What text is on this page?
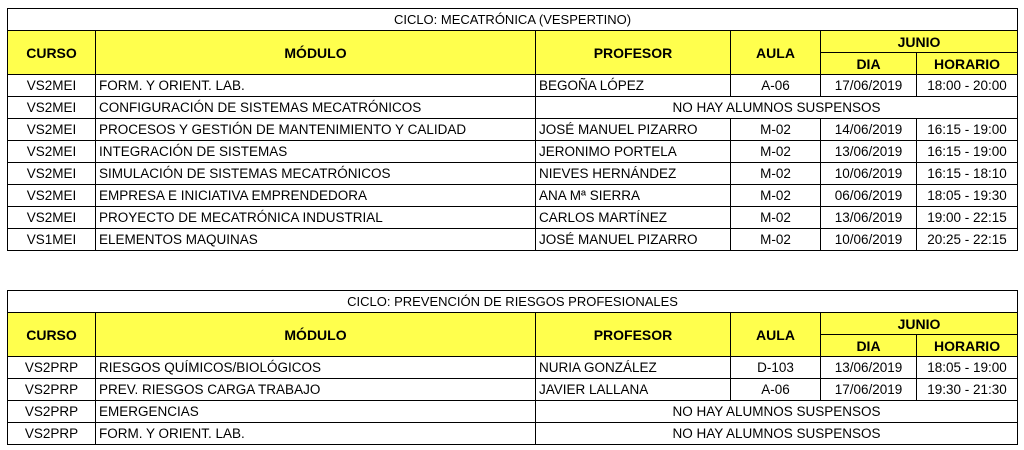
CICLO: MECATRÓNICA (VESPERTINO)					
CURSO	MÓDULO	PROFESOR	AULA	JUNIO	
				DIA	HORARIO
VS2MEI	FORM. Y ORIENT. LAB.	BEGOÑA LÓPEZ	A-06	17/06/2019	18:00 - 20:00
VS2MEI	CONFIGURACIÓN DE SISTEMAS MECATRÓNICOS	NO HAY ALUMNOS SUSPENSOS			
VS2MEI	PROCESOS Y GESTIÓN DE MANTENIMIENTO Y CALIDAD	JOSÉ MANUEL PIZARRO	M-02	14/06/2019	16:15 - 19:00
VS2MEI	INTEGRACIÓN DE SISTEMAS	JERONIMO PORTELA	M-02	13/06/2019	16:15 - 19:00
VS2MEI	SIMULACIÓN DE SISTEMAS MECATRÓNICOS	NIEVES HERNÁNDEZ	M-02	10/06/2019	16:15 - 18:10
VS2MEI	EMPRESA E INICIATIVA EMPRENDEDORA	ANA Mª SIERRA	M-02	06/06/2019	18:05 - 19:30
VS2MEI	PROYECTO DE MECATRÓNICA INDUSTRIAL	CARLOS MARTÍNEZ	M-02	13/06/2019	19:00 - 22:15
VS1MEI	ELEMENTOS MAQUINAS	JOSÉ MANUEL PIZARRO	M-02	10/06/2019	20:25 - 22:15
CICLO: PREVENCIÓN DE RIESGOS PROFESIONALES					
CURSO	MÓDULO	PROFESOR	AULA	JUNIO	
				DIA	HORARIO
VS2PRP	RIESGOS QUÍMICOS/BIOLÓGICOS	NURIA GONZÁLEZ	D-103	13/06/2019	18:05 - 19:00
VS2PRP	PREV. RIESGOS CARGA TRABAJO	JAVIER LALLANA	A-06	17/06/2019	19:30 - 21:30
VS2PRP	EMERGENCIAS	NO HAY ALUMNOS SUSPENSOS			
VS2PRP	FORM. Y ORIENT. LAB.	NO HAY ALUMNOS SUSPENSOS			
